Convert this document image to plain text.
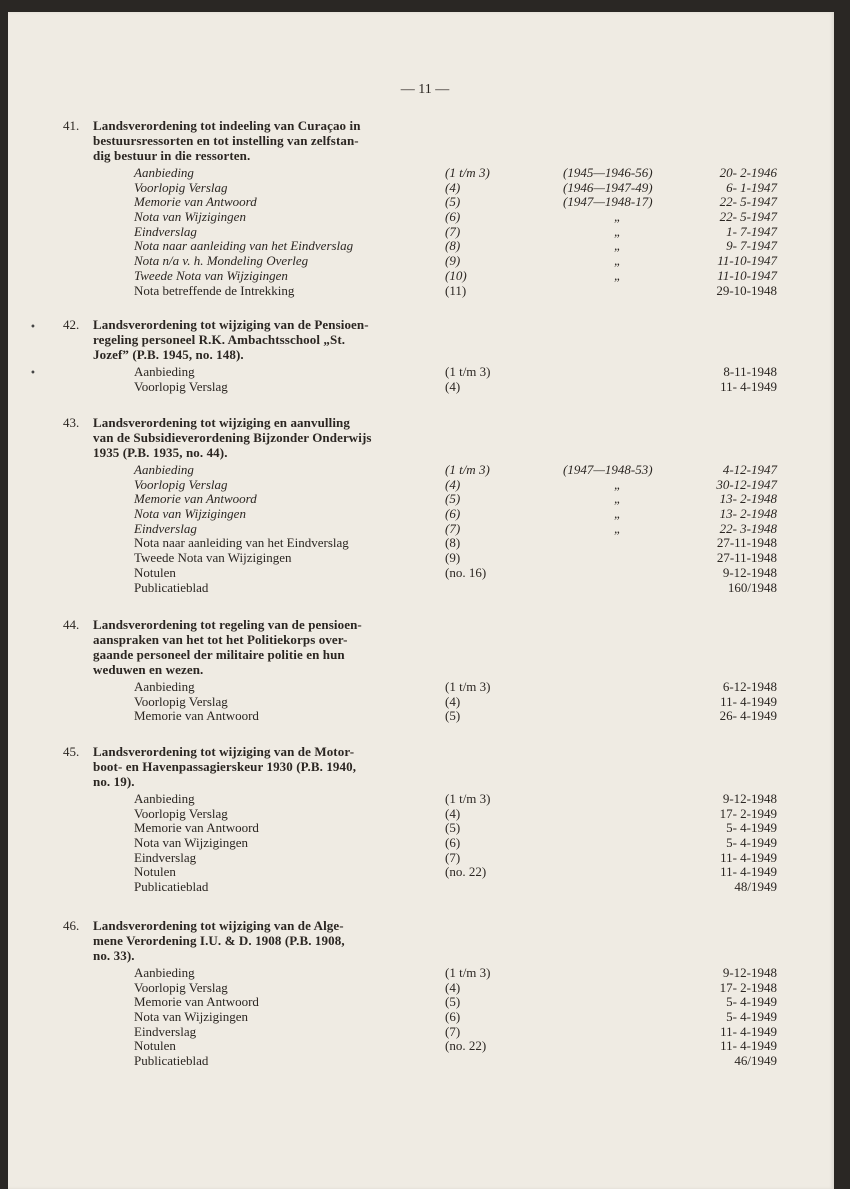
— 11 —
•
•
41. Landsverordening tot indeeling van Curaçao in
bestuursressorten en tot instelling van zelfstan-
dig bestuur in die ressorten.
Aanbieding	(1 t/m 3)	(1945—1946-56)	20- 2-1946
Voorlopig Verslag	(4)	(1946—1947-49)	6- 1-1947
Memorie van Antwoord	(5)	(1947—1948-17)	22- 5-1947
Nota van Wijzigingen	(6)	„	22- 5-1947
Eindverslag	(7)	„	1- 7-1947
Nota naar aanleiding van het Eindverslag	(8)	„	9- 7-1947
Nota n/a v. h. Mondeling Overleg	(9)	„	11-10-1947
Tweede Nota van Wijzigingen	(10)	„	11-10-1947
Nota betreffende de Intrekking	(11)	29-10-1948
42. Landsverordening tot wijziging van de Pensioen-
regeling personeel R.K. Ambachtsschool „St.
Jozef” (P.B. 1945, no. 148).
Aanbieding	(1 t/m 3)	8-11-1948
Voorlopig Verslag	(4)	11- 4-1949
43. Landsverordening tot wijziging en aanvulling
van de Subsidieverordening Bijzonder Onderwijs
1935 (P.B. 1935, no. 44).
Aanbieding	(1 t/m 3)	(1947—1948-53)	4-12-1947
Voorlopig Verslag	(4)	„	30-12-1947
Memorie van Antwoord	(5)	„	13- 2-1948
Nota van Wijzigingen	(6)	„	13- 2-1948
Eindverslag	(7)	„	22- 3-1948
Nota naar aanleiding van het Eindverslag	(8)	27-11-1948
Tweede Nota van Wijzigingen	(9)	27-11-1948
Notulen	(no. 16)	9-12-1948
Publicatieblad	160/1948
44. Landsverordening tot regeling van de pensioen-
aanspraken van het tot het Politiekorps over-
gaande personeel der militaire politie en hun
weduwen en wezen.
Aanbieding	(1 t/m 3)	6-12-1948
Voorlopig Verslag	(4)	11- 4-1949
Memorie van Antwoord	(5)	26- 4-1949
45. Landsverordening tot wijziging van de Motor-
boot- en Havenpassagierskeur 1930 (P.B. 1940,
no. 19).
Aanbieding	(1 t/m 3)	9-12-1948
Voorlopig Verslag	(4)	17- 2-1949
Memorie van Antwoord	(5)	5- 4-1949
Nota van Wijzigingen	(6)	5- 4-1949
Eindverslag	(7)	11- 4-1949
Notulen	(no. 22)	11- 4-1949
Publicatieblad	48/1949
46. Landsverordening tot wijziging van de Alge-
mene Verordening I.U. & D. 1908 (P.B. 1908,
no. 33).
Aanbieding	(1 t/m 3)	9-12-1948
Voorlopig Verslag	(4)	17- 2-1948
Memorie van Antwoord	(5)	5- 4-1949
Nota van Wijzigingen	(6)	5- 4-1949
Eindverslag	(7)	11- 4-1949
Notulen	(no. 22)	11- 4-1949
Publicatieblad	46/1949
